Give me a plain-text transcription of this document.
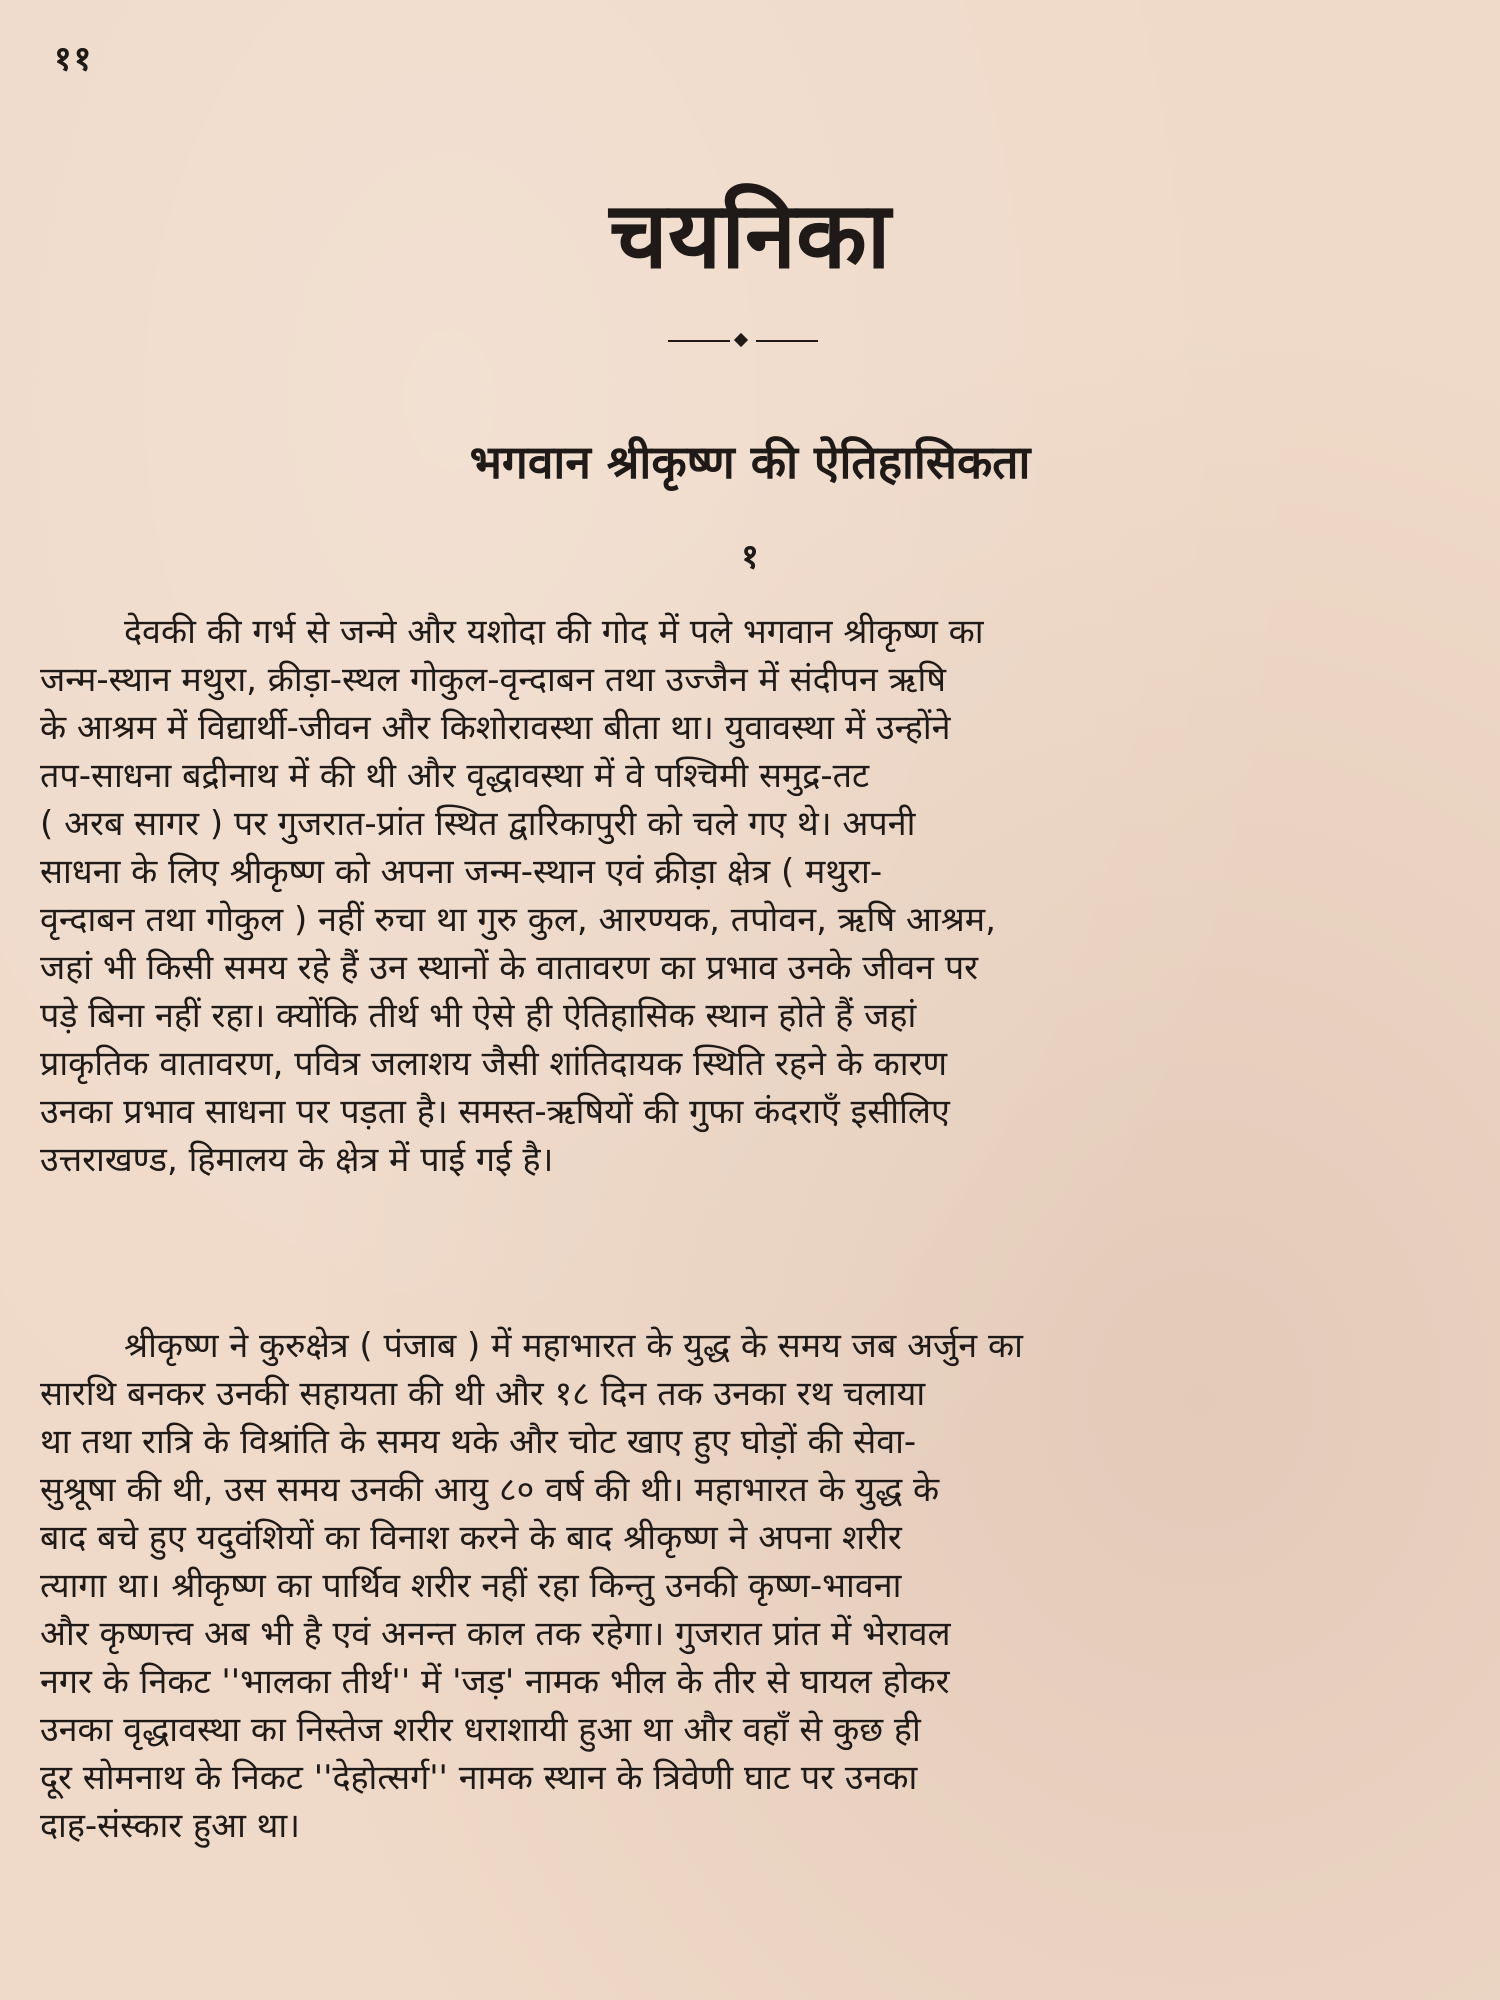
११
चयनिका
भगवान श्रीकृष्ण की ऐतिहासिकता
१
देवकी की गर्भ से जन्मे और यशोदा की गोद में पले भगवान श्रीकृष्ण का
जन्म-स्थान मथुरा, क्रीड़ा-स्थल गोकुल-वृन्दाबन तथा उज्जैन में संदीपन ऋषि
के आश्रम में विद्यार्थी-जीवन और किशोरावस्था बीता था। युवावस्था में उन्होंने
तप-साधना बद्रीनाथ में की थी और वृद्धावस्था में वे पश्चिमी समुद्र-तट
( अरब सागर ) पर गुजरात-प्रांत स्थित द्वारिकापुरी को चले गए थे। अपनी
साधना के लिए श्रीकृष्ण को अपना जन्म-स्थान एवं क्रीड़ा क्षेत्र ( मथुरा-
वृन्दाबन तथा गोकुल ) नहीं रुचा था गुरु कुल, आरण्यक, तपोवन, ऋषि आश्रम,
जहां भी किसी समय रहे हैं उन स्थानों के वातावरण का प्रभाव उनके जीवन पर
पड़े बिना नहीं रहा। क्योंकि तीर्थ भी ऐसे ही ऐतिहासिक स्थान होते हैं जहां
प्राकृतिक वातावरण, पवित्र जलाशय जैसी शांतिदायक स्थिति रहने के कारण
उनका प्रभाव साधना पर पड़ता है। समस्त-ऋषियों की गुफा कंदराएँ इसीलिए
उत्तराखण्ड, हिमालय के क्षेत्र में पाई गई है।
श्रीकृष्ण ने कुरुक्षेत्र ( पंजाब ) में महाभारत के युद्ध के समय जब अर्जुन का
सारथि बनकर उनकी सहायता की थी और १८ दिन तक उनका रथ चलाया
था तथा रात्रि के विश्रांति के समय थके और चोट खाए हुए घोड़ों की सेवा-
सुश्रूषा की थी, उस समय उनकी आयु ८० वर्ष की थी। महाभारत के युद्ध के
बाद बचे हुए यदुवंशियों का विनाश करने के बाद श्रीकृष्ण ने अपना शरीर
त्यागा था। श्रीकृष्ण का पार्थिव शरीर नहीं रहा किन्तु उनकी कृष्ण-भावना
और कृष्णत्त्व अब भी है एवं अनन्त काल तक रहेगा। गुजरात प्रांत में भेरावल
नगर के निकट ''भालका तीर्थ'' में 'जड़' नामक भील के तीर से घायल होकर
उनका वृद्धावस्था का निस्तेज शरीर धराशायी हुआ था और वहाँ से कुछ ही
दूर सोमनाथ के निकट ''देहोत्सर्ग'' नामक स्थान के त्रिवेणी घाट पर उनका
दाह-संस्कार हुआ था।
